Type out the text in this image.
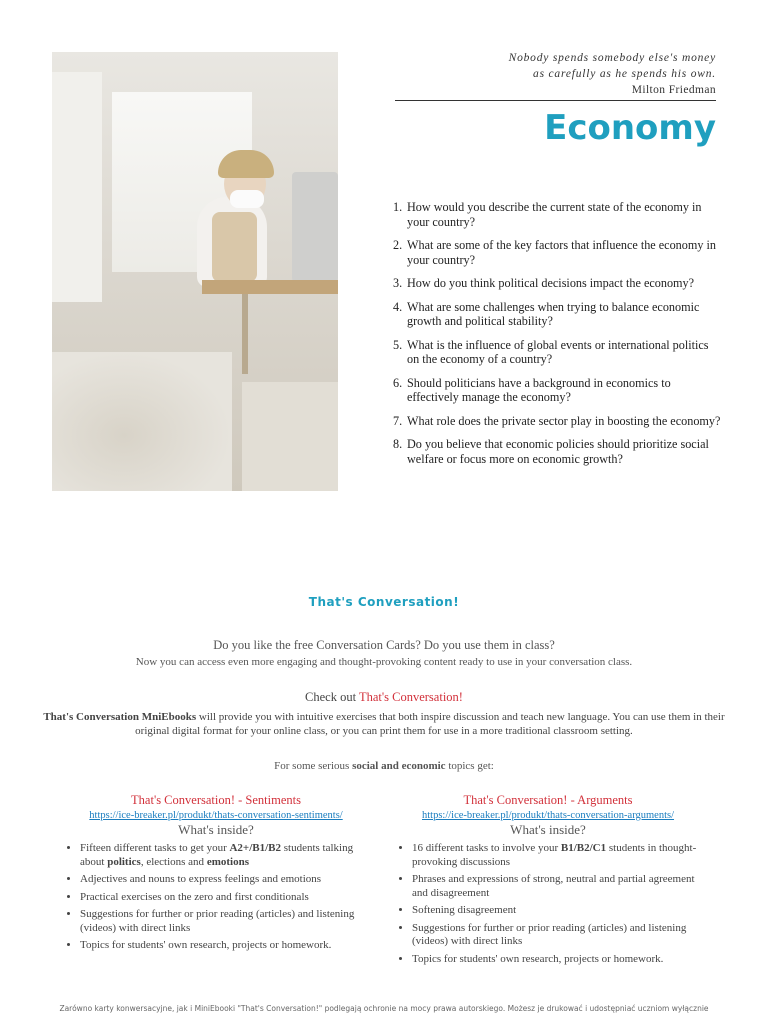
Nobody spends somebody else's money
as carefully as he spends his own.
Milton Friedman
Economy
1. How would you describe the current state of the economy in your country?
2. What are some of the key factors that influence the economy in your country?
3. How do you think political decisions impact the economy?
4. What are some challenges when trying to balance economic growth and political stability?
5. What is the influence of global events or international politics on the economy of a country?
6. Should politicians have a background in economics to effectively manage the economy?
7. What role does the private sector play in boosting the economy?
8. Do you believe that economic policies should prioritize social welfare or focus more on economic growth?
That's Conversation!
Do you like the free Conversation Cards? Do you use them in class?
Now you can access even more engaging and thought-provoking content ready to use in your conversation class.
Check out That's Conversation!
That's Conversation MniEbooks will provide you with intuitive exercises that both inspire discussion and teach new language. You can use them in their original digital format for your online class, or you can print them for use in a more traditional classroom setting.
For some serious social and economic topics get:
That's Conversation! - Sentiments
https://ice-breaker.pl/produkt/thats-conversation-sentiments/
What's inside?
• Fifteen different tasks to get your A2+/B1/B2 students talking about politics, elections and emotions
• Adjectives and nouns to express feelings and emotions
• Practical exercises on the zero and first conditionals
• Suggestions for further or prior reading (articles) and listening (videos) with direct links
• Topics for students' own research, projects or homework.
That's Conversation! - Arguments
https://ice-breaker.pl/produkt/thats-conversation-arguments/
What's inside?
• 16 different tasks to involve your B1/B2/C1 students in thought-provoking discussions
• Phrases and expressions of strong, neutral and partial agreement and disagreement
• Softening disagreement
• Suggestions for further or prior reading (articles) and listening (videos) with direct links
• Topics for students' own research, projects or homework.
Zarówno karty konwersacyjne, jak i MiniEbooki "That's Conversation!" podlegają ochronie na mocy prawa autorskiego. Możesz je drukować i udostępniać uczniom wyłącznie
